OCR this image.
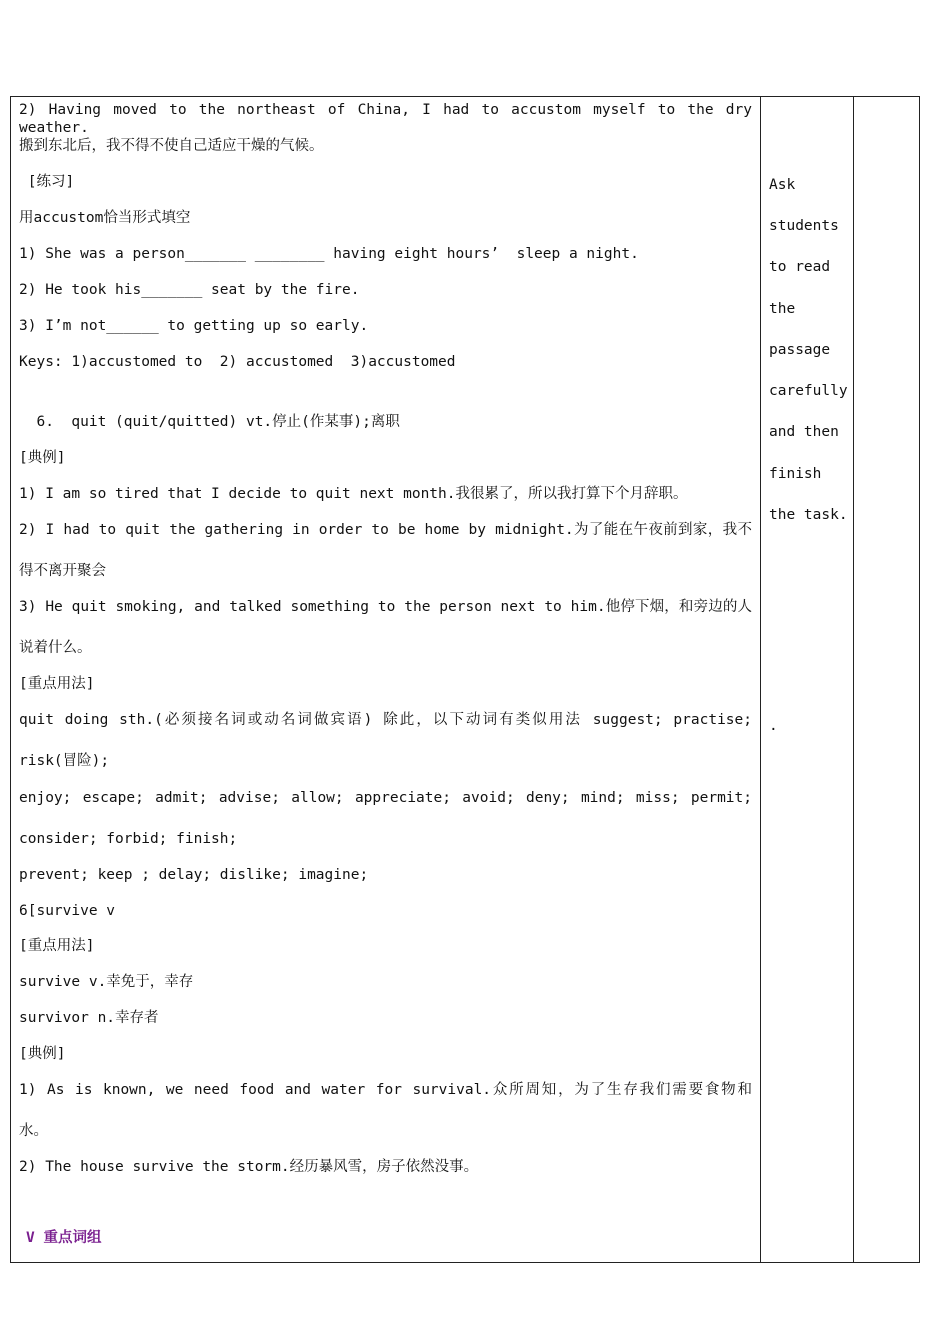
2) Having moved to the northeast of China, I had to accustom myself to the dry weather.
搬到东北后，我不得不使自己适应干燥的气候。
[练习]
用accustom恰当形式填空
1) She was a person_______ ________ having eight hours’  sleep a night.
2) He took his_______ seat by the fire.
3) I’m not______ to getting up so early.
Keys: 1)accustomed to  2) accustomed  3)accustomed
6.  quit (quit/quitted) vt.停止(作某事);离职
[典例]
1) I am so tired that I decide to quit next month.我很累了，所以我打算下个月辞职。
2) I had to quit the gathering in order to be home by midnight.为了能在午夜前到家，我不
得不离开聚会
3) He quit smoking, and talked something to the person next to him.他停下烟，和旁边的人
说着什么。
[重点用法]
quit doing sth.(必须接名词或动名词做宾语) 除此，以下动词有类似用法 suggest; practise;
risk(冒险);
enjoy; escape; admit; advise; allow; appreciate; avoid; deny; mind; miss; permit;
consider; forbid; finish;
prevent; keep ; delay; dislike; imagine;
6[survive v
[重点用法]
survive v.幸免于，幸存
survivor n.幸存者
[典例]
1) As is known, we need food and water for survival.众所周知，为了生存我们需要食物和
水。
2) The house survive the storm.经历暴风雪，房子依然没事。
V 重点词组
Ask
students
to read
the
passage
carefully
and then
finish
the task.
.
